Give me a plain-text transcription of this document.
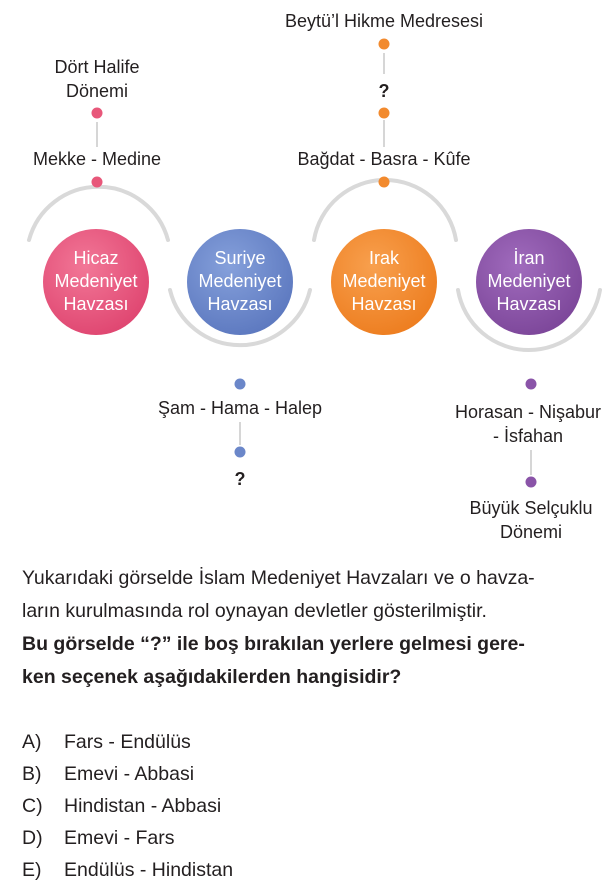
Dört Halife
Dönemi
Mekke - Medine
Hicaz
Medeniyet
Havzası
Beytü’l Hikme Medresesi
?
Bağdat - Basra - Kûfe
Irak
Medeniyet
Havzası
Suriye
Medeniyet
Havzası
Şam - Hama - Halep
?
İran
Medeniyet
Havzası
Horasan - Nişabur
- İsfahan
Büyük Selçuklu
Dönemi

Yukarıdaki görselde İslam Medeniyet Havzaları ve o havza-

ların kurulmasında rol oynayan devletler gösterilmiştir.

Bu görselde “?” ile boş bırakılan yerlere gelmesi gere-

ken seçenek aşağıdakilerden hangisidir?

A) Fars - Endülüs
B) Emevi - Abbasi
C) Hindistan - Abbasi
D) Emevi - Fars
E) Endülüs - Hindistan
